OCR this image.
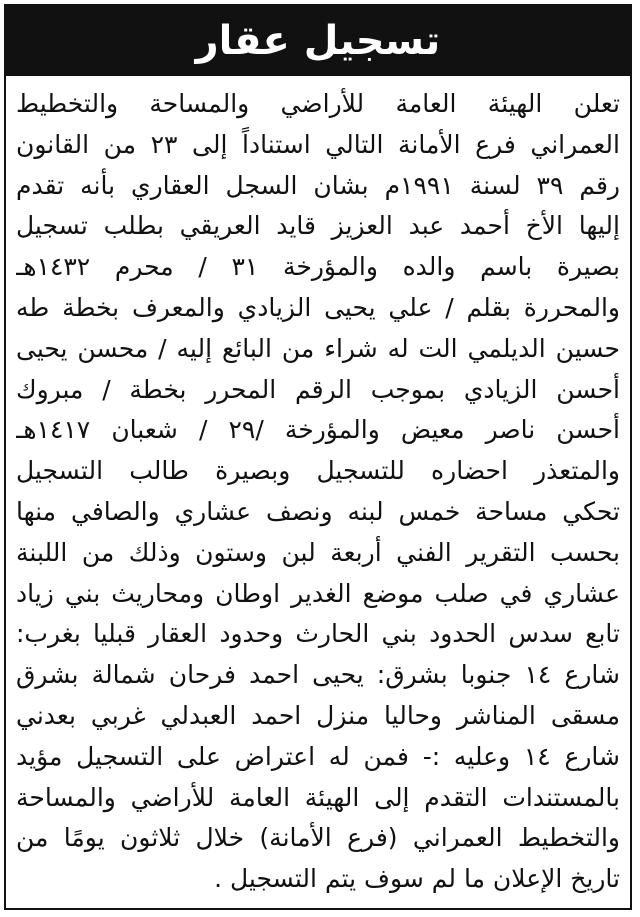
تسجيل عقار
تعلن الهيئة العامة للأراضي والمساحة والتخطيط
العمراني فرع الأمانة التالي استناداً إلى ٢٣ من القانون
رقم ٣٩ لسنة ١٩٩١م بشان السجل العقاري بأنه تقدم
إليها الأخ أحمد عبد العزيز قايد العريقي بطلب تسجيل
بصيرة باسم والده والمؤرخة ٣١ / محرم ١٤٣٢هـ
والمحررة بقلم / علي يحيى الزيادي والمعرف بخطة طه
حسين الديلمي الت له شراء من البائع إليه / محسن يحيى
أحسن الزيادي بموجب الرقم المحرر بخطة / مبروك
أحسن ناصر معيض والمؤرخة /٢٩ / شعبان ١٤١٧هـ
والمتعذر احضاره للتسجيل وبصيرة طالب التسجيل
تحكي مساحة خمس لبنه ونصف عشاري والصافي منها
بحسب التقرير الفني أربعة لبن وستون وذلك من اللبنة
عشاري في صلب موضع الغدير اوطان ومحاريث بني زياد
تابع سدس الحدود بني الحارث وحدود العقار قبليا بغرب:
شارع ١٤ جنوبا بشرق: يحيى احمد فرحان شمالة بشرق
مسقى المناشر وحاليا منزل احمد العبدلي غربي بعدني
شارع ١٤ وعليه :- فمن له اعتراض على التسجيل مؤيد
بالمستندات التقدم إلى الهيئة العامة للأراضي والمساحة
والتخطيط العمراني (فرع الأمانة) خلال ثلاثون يومًا من
تاريخ الإعلان ما لم سوف يتم التسجيل .
